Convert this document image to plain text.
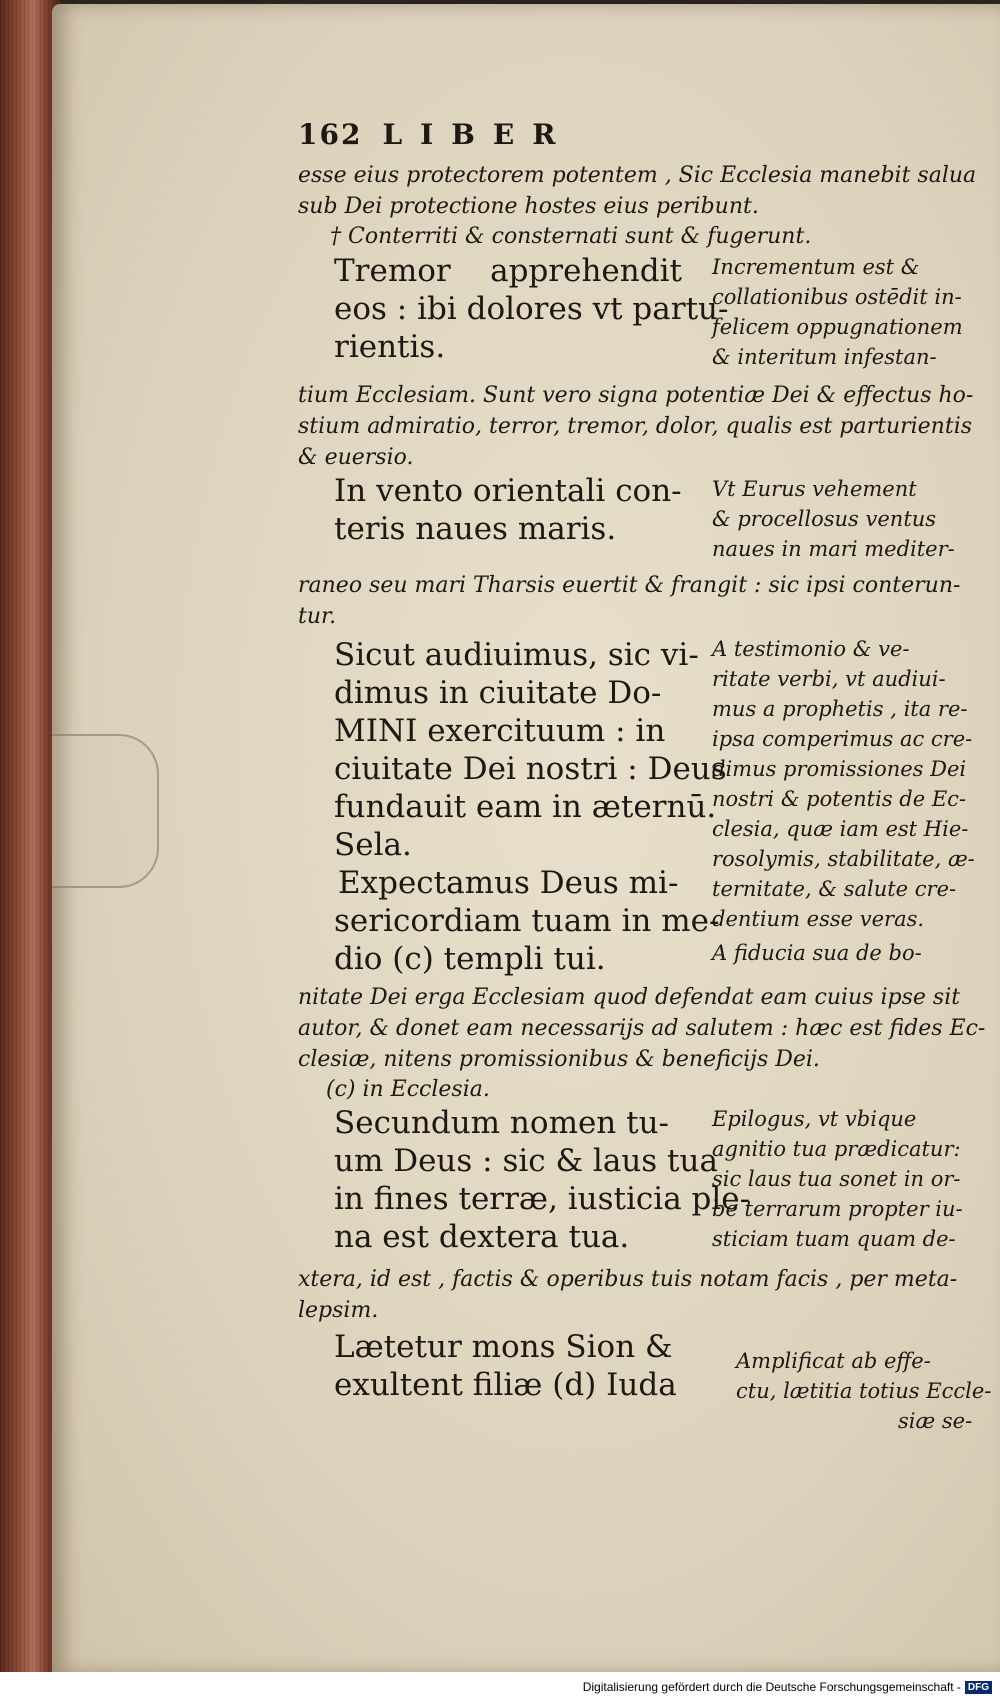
162 LIBER
esse eius protectorem potentem , Sic Ecclesia manebit salua
sub Dei protectione hostes eius peribunt.
† Conterriti & consternati sunt & fugerunt.
Tremor    apprehendit
eos : ibi dolores vt partu-
rientis.
Incrementum est &
collationibus ostēdit in-
felicem oppugnationem
& interitum infestan-
tium Ecclesiam. Sunt vero signa potentiæ Dei & effectus ho-
stium admiratio, terror, tremor, dolor, qualis est parturientis
& euersio.
In vento orientali con-
teris naues maris.
Vt Eurus vehement
& procellosus ventus
naues in mari mediter-
raneo seu mari Tharsis euertit & frangit : sic ipsi conterun-
tur.
Sicut audiuimus, sic vi-
dimus in ciuitate Do-
MINI exercituum : in
ciuitate Dei nostri : Deus
fundauit eam in æternū.
Sela.
Expectamus Deus mi-
sericordiam tuam in me-
dio (c) templi tui.
A testimonio & ve-
ritate verbi, vt audiui-
mus a prophetis , ita re-
ipsa comperimus ac cre-
dimus promissiones Dei
nostri & potentis de Ec-
clesia, quæ iam est Hie-
rosolymis, stabilitate, æ-
ternitate, & salute cre-
dentium esse veras.
A fiducia sua de bo-
nitate Dei erga Ecclesiam quod defendat eam cuius ipse sit
autor, & donet eam necessarijs ad salutem : hæc est fides Ec-
clesiæ, nitens promissionibus & beneficijs Dei.
(c) in Ecclesia.
Secundum nomen tu-
um Deus : sic & laus tua
in fines terræ, iusticia ple-
na est dextera tua.
Epilogus, vt vbique
agnitio tua prædicatur:
sic laus tua sonet in or-
be terrarum propter iu-
sticiam tuam quam de-
xtera, id est , factis & operibus tuis notam facis , per meta-
lepsim.
Lætetur mons Sion &
exultent filiæ (d) Iuda
Amplificat ab effe-
ctu, lætitia totius Eccle-
siæ se-
Digitalisierung gefördert durch die Deutsche Forschungsgemeinschaft - DFG
